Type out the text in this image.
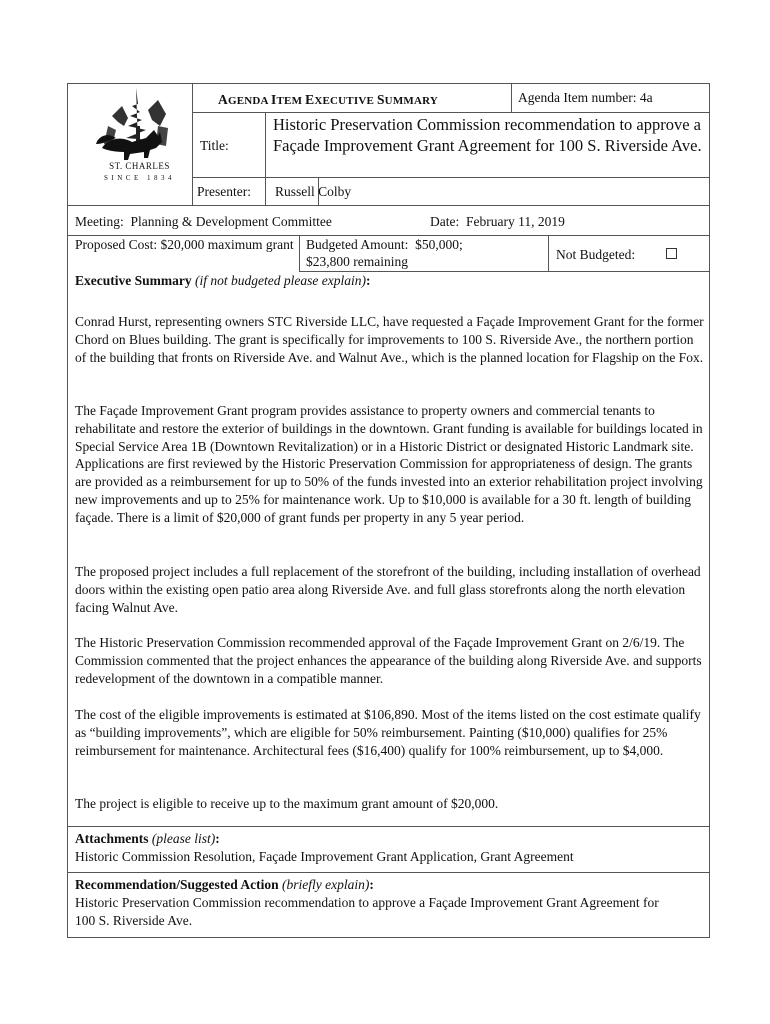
ST. CHARLES
SINCE 1834
AGENDA ITEM EXECUTIVE SUMMARY	Agenda Item number: 4a
Title:
Historic Preservation Commission recommendation to approve a Façade Improvement Grant Agreement for 100 S. Riverside Ave.
Presenter: Russell Colby
Meeting:  Planning & Development Committee	Date:  February 11, 2019
Proposed Cost: $20,000 maximum grant Budgeted Amount:  $50,000;
$23,800 remaining	Not Budgeted:
Executive Summary (if not budgeted please explain):

Conrad Hurst, representing owners STC Riverside LLC, have requested a Façade Improvement Grant for the former Chord on Blues building. The grant is specifically for improvements to 100 S. Riverside Ave., the northern portion of the building that fronts on Riverside Ave. and Walnut Ave., which is the planned location for Flagship on the Fox.

The Façade Improvement Grant program provides assistance to property owners and commercial tenants to rehabilitate and restore the exterior of buildings in the downtown. Grant funding is available for buildings located in Special Service Area 1B (Downtown Revitalization) or in a Historic District or designated Historic Landmark site. Applications are first reviewed by the Historic Preservation Commission for appropriateness of design. The grants are provided as a reimbursement for up to 50% of the funds invested into an exterior rehabilitation project involving new improvements and up to 25% for maintenance work. Up to $10,000 is available for a 30 ft. length of building façade. There is a limit of $20,000 of grant funds per property in any 5 year period.

The proposed project includes a full replacement of the storefront of the building, including installation of overhead doors within the existing open patio area along Riverside Ave. and full glass storefronts along the north elevation facing Walnut Ave.

The Historic Preservation Commission recommended approval of the Façade Improvement Grant on 2/6/19. The Commission commented that the project enhances the appearance of the building along Riverside Ave. and supports redevelopment of the downtown in a compatible manner.

The cost of the eligible improvements is estimated at $106,890. Most of the items listed on the cost estimate qualify as “building improvements”, which are eligible for 50% reimbursement. Painting ($10,000) qualifies for 25% reimbursement for maintenance. Architectural fees ($16,400) qualify for 100% reimbursement, up to $4,000.

The project is eligible to receive up to the maximum grant amount of $20,000.

Attachments (please list):
Historic Commission Resolution, Façade Improvement Grant Application, Grant Agreement
Recommendation/Suggested Action (briefly explain):
Historic Preservation Commission recommendation to approve a Façade Improvement Grant Agreement for 100 S. Riverside Ave.
